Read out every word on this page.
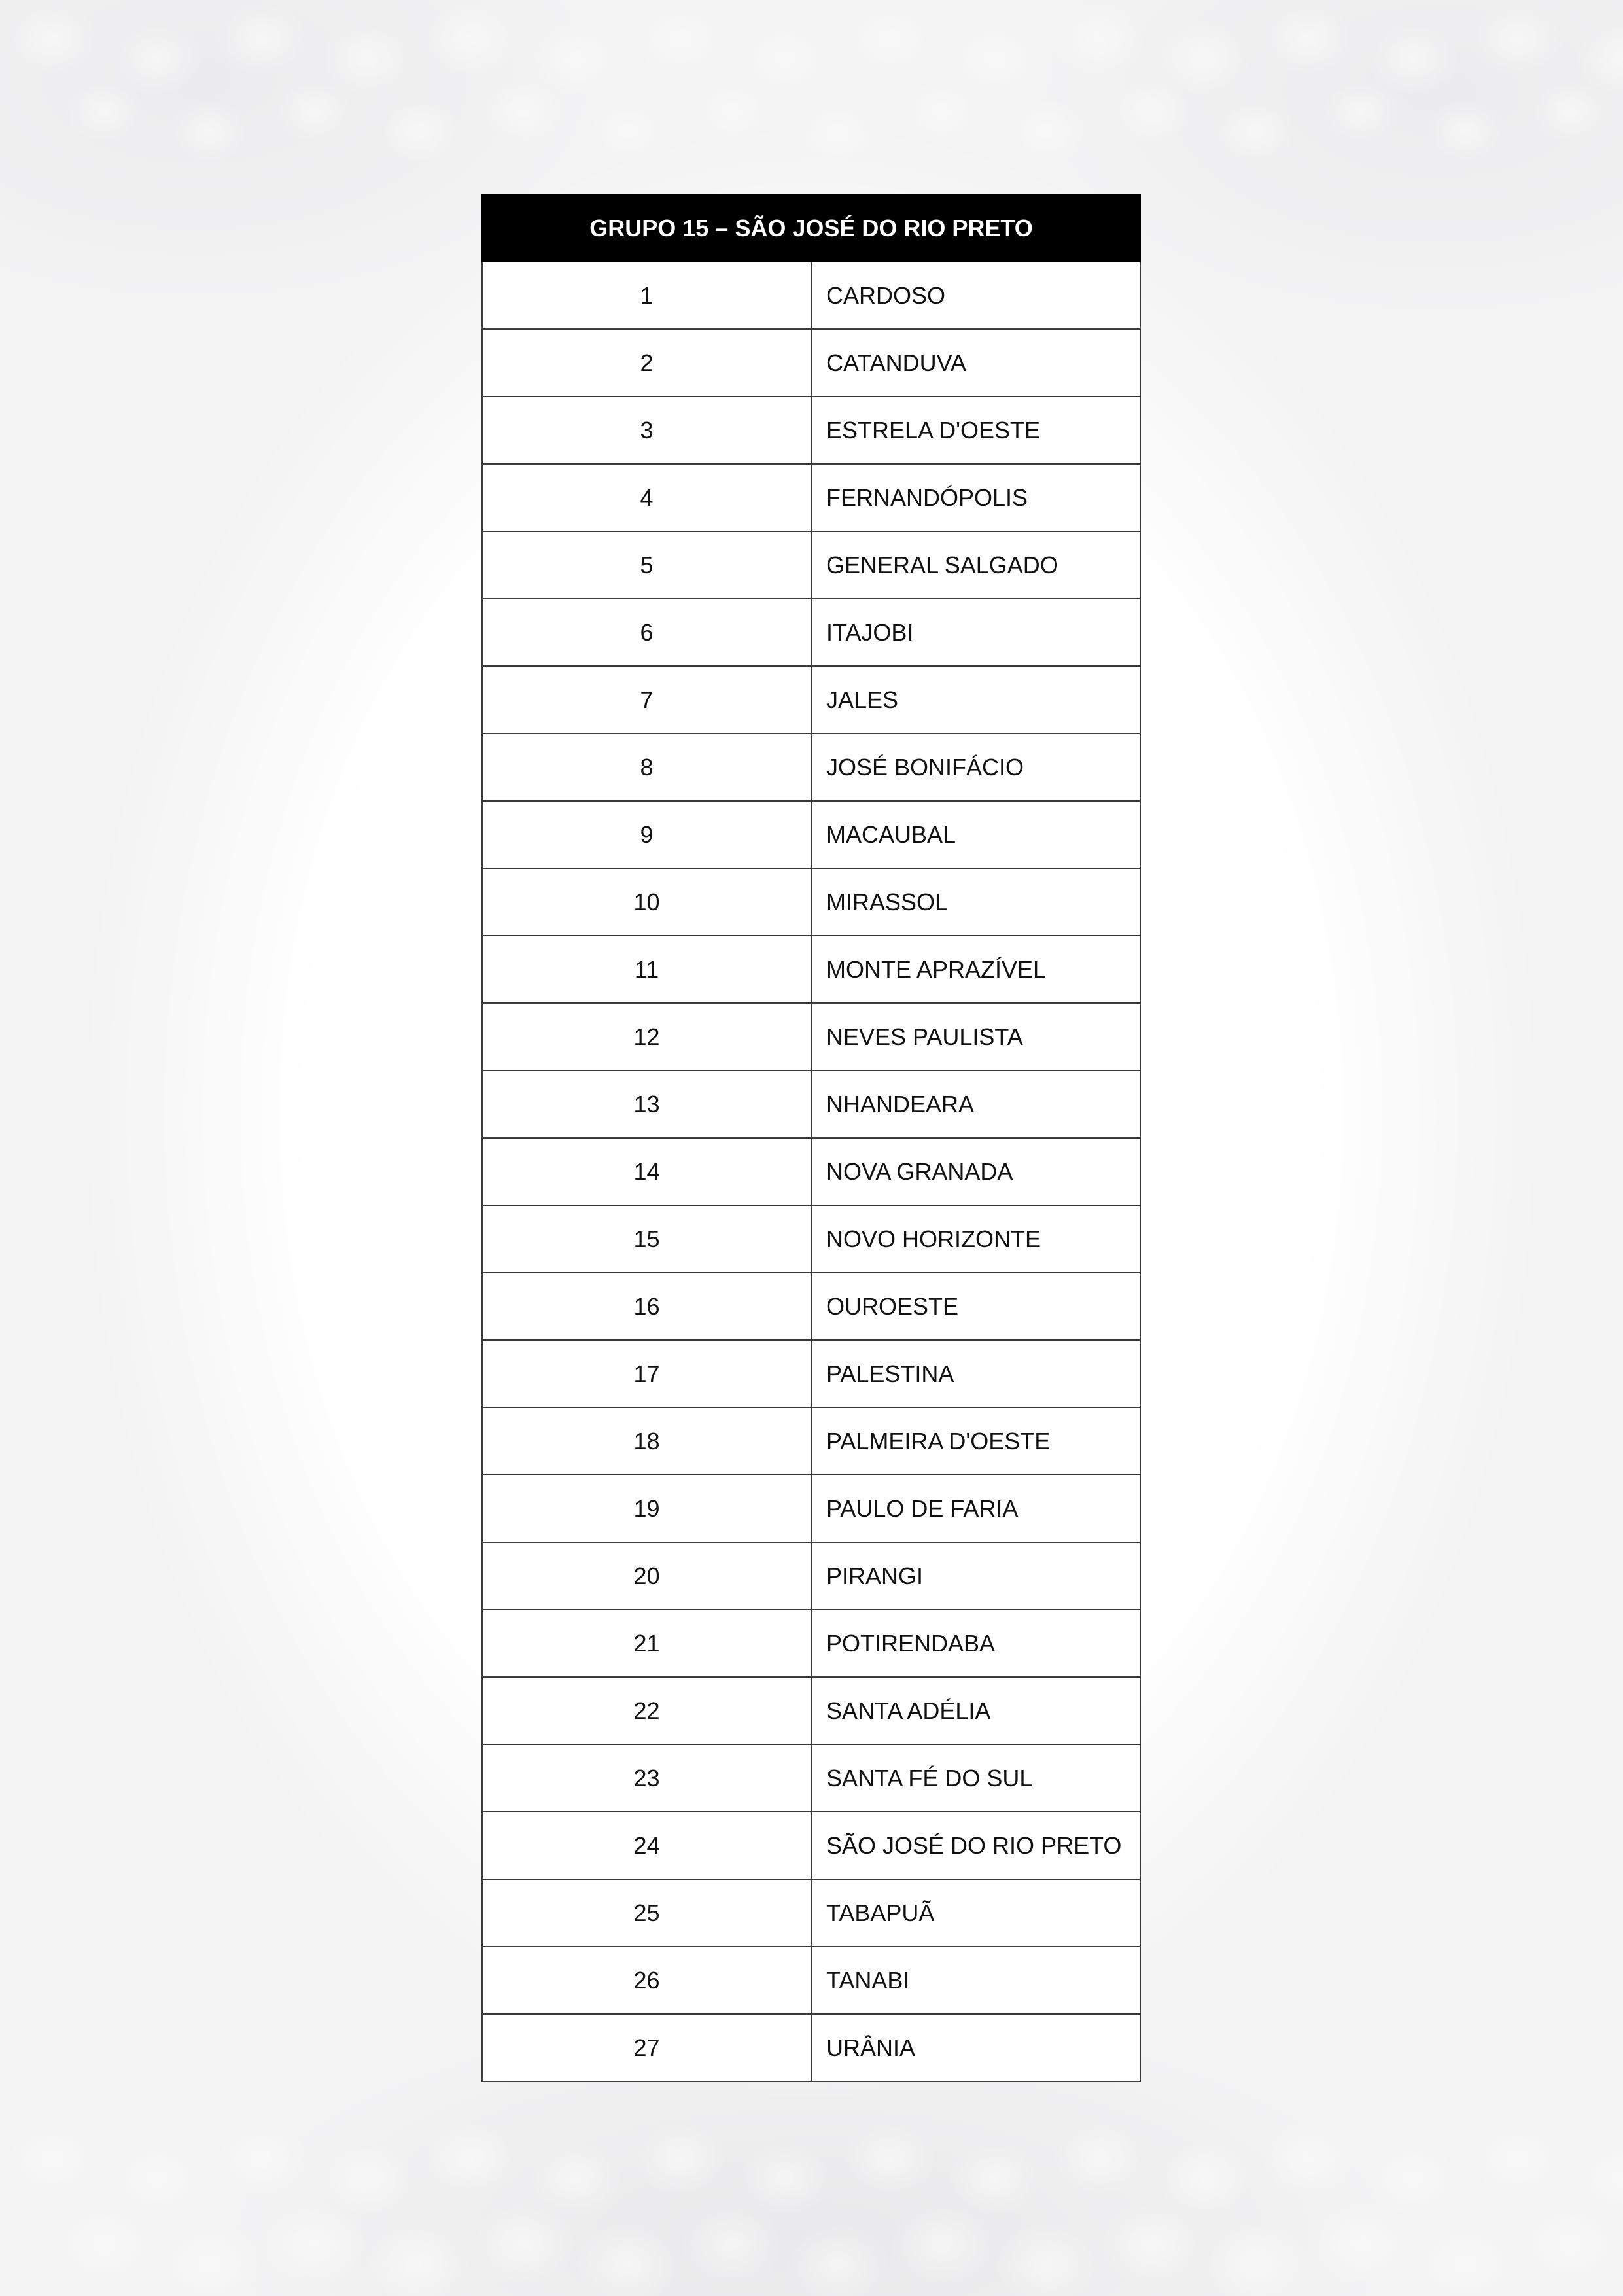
GRUPO 15 – SÃO JOSÉ DO RIO PRETO	
1	CARDOSO
2	CATANDUVA
3	ESTRELA D'OESTE
4	FERNANDÓPOLIS
5	GENERAL SALGADO
6	ITAJOBI
7	JALES
8	JOSÉ BONIFÁCIO
9	MACAUBAL
10	MIRASSOL
11	MONTE APRAZÍVEL
12	NEVES PAULISTA
13	NHANDEARA
14	NOVA GRANADA
15	NOVO HORIZONTE
16	OUROESTE
17	PALESTINA
18	PALMEIRA D'OESTE
19	PAULO DE FARIA
20	PIRANGI
21	POTIRENDABA
22	SANTA ADÉLIA
23	SANTA FÉ DO SUL
24	SÃO JOSÉ DO RIO PRETO
25	TABAPUÃ
26	TANABI
27	URÂNIA
